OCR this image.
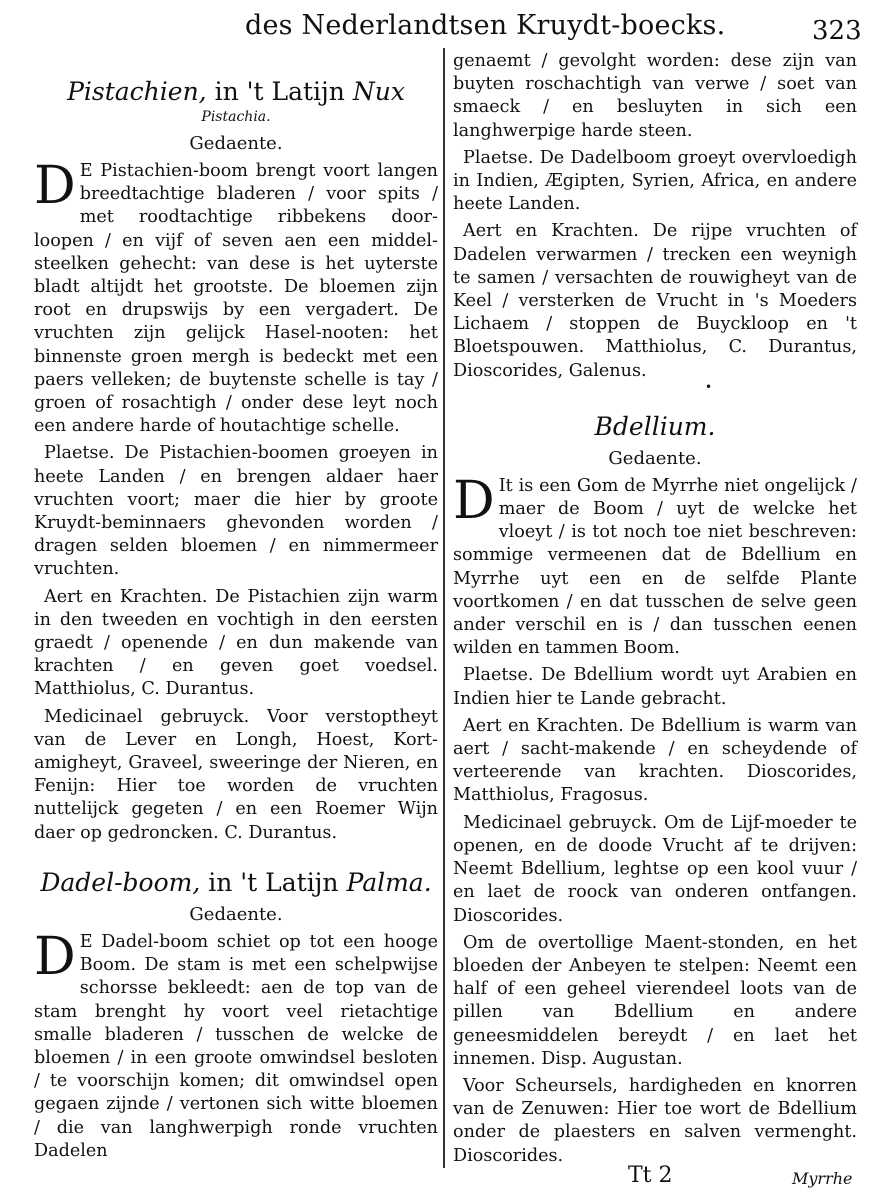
des Nederlandtsen Kruydt-boecks.	323
Pistachien, in 't Latijn Nux
Pistachia.
Gedaente.

D E Pistachien-boom brengt voort langen breedtachtige bladeren / voor spits / met roodtachtige ribbekens door-loopen / en vijf of seven aen een middel-steelken gehecht: van dese is het uyterste bladt altijdt het grootste. De bloemen zijn root en drupswijs by een vergadert. De vruchten zijn gelijck Hasel-nooten: het binnenste groen mergh is bedeckt met een paers velleken; de buytenste schelle is tay / groen of rosachtigh / onder dese leyt noch een andere harde of houtachtige schelle.

Plaetse. De Pistachien-boomen groeyen in heete Landen / en brengen aldaer haer vruchten voort; maer die hier by groote Kruydt-beminnaers ghevonden worden / dragen selden bloemen / en nimmermeer vruchten.

Aert en Krachten. De Pistachien zijn warm in den tweeden en vochtigh in den eersten graedt / openende / en dun makende van krachten / en geven goet voedsel. Matthiolus, C. Durantus.

Medicinael gebruyck. Voor verstoptheyt van de Lever en Longh, Hoest, Kort-amigheyt, Graveel, sweeringe der Nieren, en Fenijn: Hier toe worden de vruchten nuttelijck gegeten / en een Roemer Wijn daer op gedroncken. C. Durantus.

Dadel-boom, in 't Latijn Palma.
Gedaente.

D E Dadel-boom schiet op tot een hooge Boom. De stam is met een schelpwijse schorsse bekleedt: aen de top van de stam brenght hy voort veel rietachtige smalle bladeren / tusschen de welcke de bloemen / in een groote omwindsel besloten / te voorschijn komen; dit omwindsel open gegaen zijnde / vertonen sich witte bloemen / die van langhwerpigh ronde vruchten Dadelen

genaemt / gevolght worden: dese zijn van buyten roschachtigh van verwe / soet van smaeck / en besluyten in sich een langhwerpige harde steen.

Plaetse. De Dadelboom groeyt overvloedigh in Indien, Ægipten, Syrien, Africa, en andere heete Landen.

Aert en Krachten. De rijpe vruchten of Dadelen verwarmen / trecken een weynigh te samen / versachten de rouwigheyt van de Keel / versterken de Vrucht in 's Moeders Lichaem / stoppen de Buyckloop en 't Bloetspouwen. Matthiolus, C. Durantus, Dioscorides, Galenus.

Bdellium.
Gedaente.

D It is een Gom de Myrrhe niet ongelijck / maer de Boom / uyt de welcke het vloeyt / is tot noch toe niet beschreven: sommige vermeenen dat de Bdellium en Myrrhe uyt een en de selfde Plante voortkomen / en dat tusschen de selve geen ander verschil en is / dan tusschen eenen wilden en tammen Boom.

Plaetse. De Bdellium wordt uyt Arabien en Indien hier te Lande gebracht.

Aert en Krachten. De Bdellium is warm van aert / sacht-makende / en scheydende of verteerende van krachten. Dioscorides, Matthiolus, Fragosus.

Medicinael gebruyck. Om de Lijf-moeder te openen, en de doode Vrucht af te drijven: Neemt Bdellium, leghtse op een kool vuur / en laet de roock van onderen ontfangen. Dioscorides.

Om de overtollige Maent-stonden, en het bloeden der Anbeyen te stelpen: Neemt een half of een geheel vierendeel loots van de pillen van Bdellium en andere geneesmiddelen bereydt / en laet het innemen. Disp. Augustan.

Voor Scheursels, hardigheden en knorren van de Zenuwen: Hier toe wort de Bdellium onder de plaesters en salven vermenght. Dioscorides.

•
Tt 2	Myrrhe
